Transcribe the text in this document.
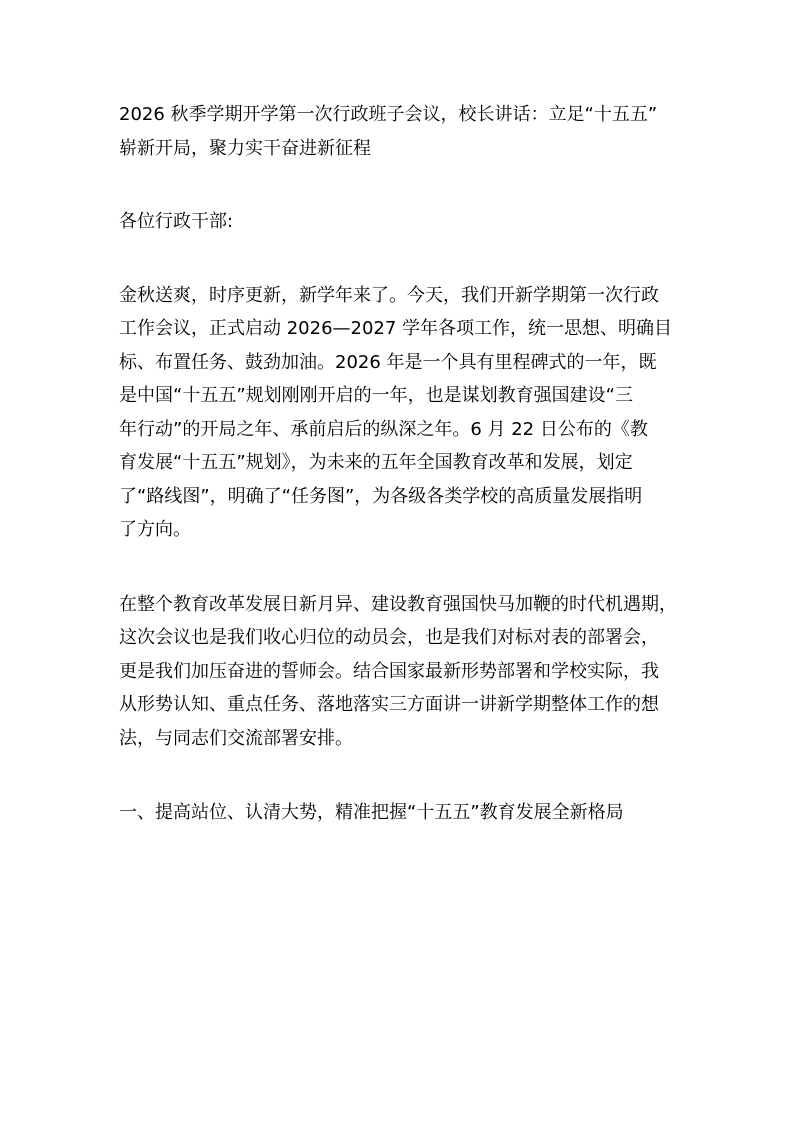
2026 秋季学期开学第一次行政班子会议，校长讲话：立足“十五五”
崭新开局，聚力实干奋进新征程

各位行政干部:

金秋送爽，时序更新，新学年来了。今天，我们开新学期第一次行政
工作会议，正式启动 2026—2027 学年各项工作，统一思想、明确目
标、布置任务、鼓劲加油。2026 年是一个具有里程碑式的一年，既
是中国“十五五”规划刚刚开启的一年，也是谋划教育强国建设“三
年行动”的开局之年、承前启后的纵深之年。6 月 22 日公布的《教
育发展“十五五”规划》，为未来的五年全国教育改革和发展，划定
了“路线图”，明确了“任务图”，为各级各类学校的高质量发展指明
了方向。

在整个教育改革发展日新月异、建设教育强国快马加鞭的时代机遇期，
这次会议也是我们收心归位的动员会，也是我们对标对表的部署会，
更是我们加压奋进的誓师会。结合国家最新形势部署和学校实际，我
从形势认知、重点任务、落地落实三方面讲一讲新学期整体工作的想
法，与同志们交流部署安排。

一、提高站位、认清大势，精准把握“十五五”教育发展全新格局
